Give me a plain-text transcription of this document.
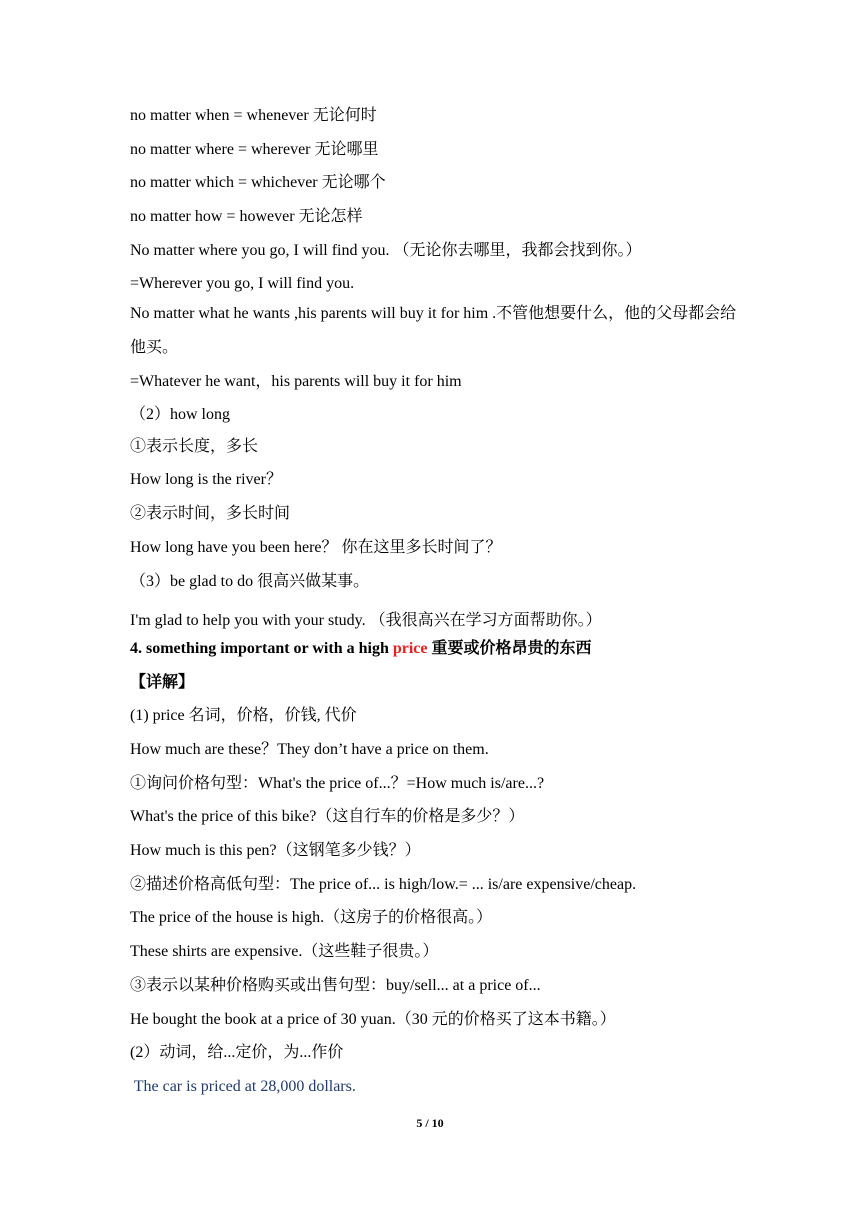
no matter when = whenever 无论何时
no matter where = wherever 无论哪里
no matter which = whichever 无论哪个
no matter how = however 无论怎样
No matter where you go, I will find you. （无论你去哪里，我都会找到你。）
=Wherever you go, I will find you.
No matter what he wants ,his parents will buy it for him .不管他想要什么，他的父母都会给他买。
=Whatever he want，his parents will buy it for him
（2）how long
①表示长度，多长
How long is the river？
②表示时间，多长时间
How long have you been here？ 你在这里多长时间了？
（3）be glad to do 很高兴做某事。
I'm glad to help you with your study. （我很高兴在学习方面帮助你。）
4. something important or with a high price 重要或价格昂贵的东西
【详解】
(1) price 名词，价格，价钱, 代价
How much are these？They don’t have a price on them.
①询问价格句型：What's the price of...？=How much is/are...?
What's the price of this bike?（这自行车的价格是多少？）
How much is this pen?（这钢笔多少钱？）
②描述价格高低句型：The price of... is high/low.= ... is/are expensive/cheap.
The price of the house is high.（这房子的价格很高。）
These shirts are expensive.（这些鞋子很贵。）
③表示以某种价格购买或出售句型：buy/sell... at a price of...
He bought the book at a price of 30 yuan.（30 元的价格买了这本书籍。）
(2）动词，给...定价，为...作价
The car is priced at 28,000 dollars.
5 / 10
